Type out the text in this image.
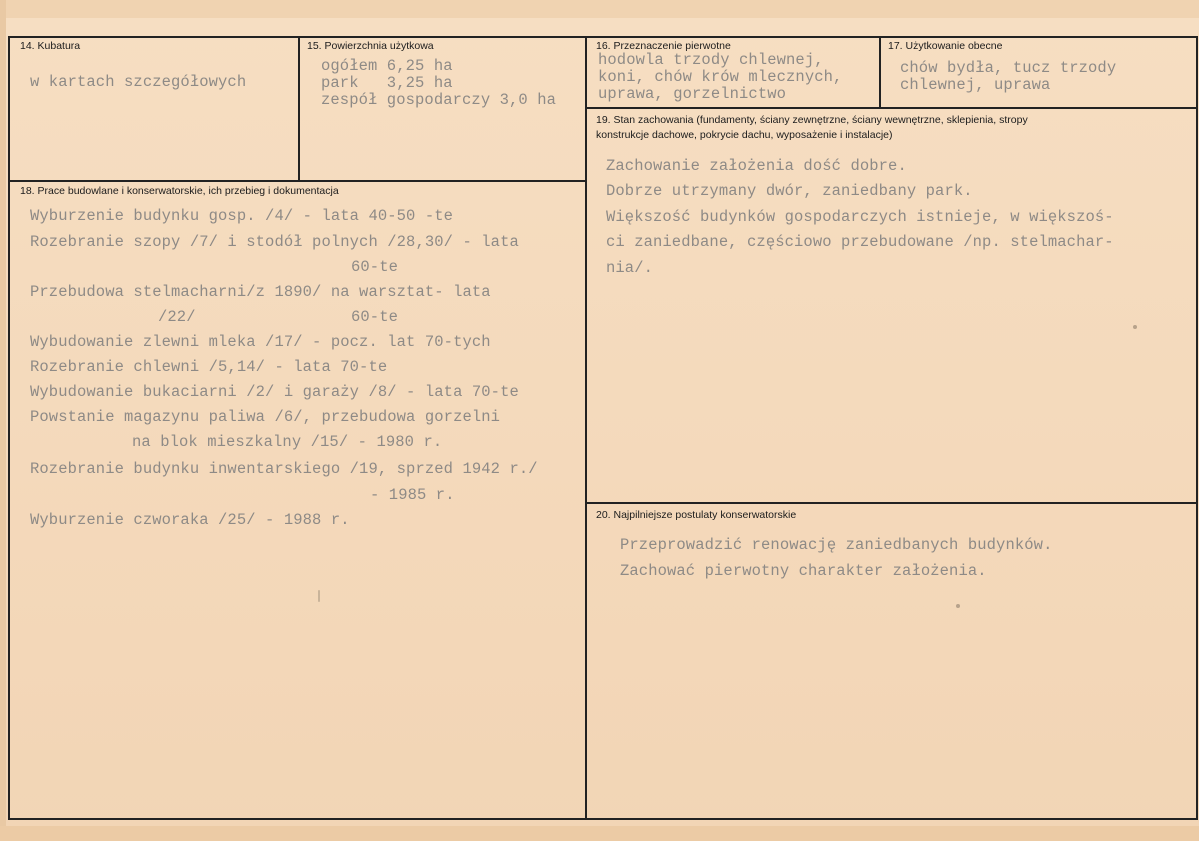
14. Kubatura
w kartach szczegółowych
15. Powierzchnia użytkowa
ogółem 6,25 ha
park   3,25 ha
zespół gospodarczy 3,0 ha
16. Przeznaczenie pierwotne
hodowla trzody chlewnej,
koni, chów krów mlecznych,
uprawa, gorzelnictwo
17. Użytkowanie obecne
chów bydła, tucz trzody
chlewnej, uprawa
18. Prace budowlane i konserwatorskie, ich przebieg i dokumentacja
Wyburzenie budynku gosp. /4/ - lata 40-50 -te
Rozebranie szopy /7/ i stodół polnych /28,30/ - lata
60-te
Przebudowa stelmacharni/z 1890/ na warsztat- lata
/22/	60-te
Wybudowanie zlewni mleka /17/ - pocz. lat 70-tych
Rozebranie chlewni /5,14/ - lata 70-te
Wybudowanie bukaciarni /2/ i garaży /8/ - lata 70-te
Powstanie magazynu paliwa /6/, przebudowa gorzelni
na blok mieszkalny /15/ - 1980 r.
Rozebranie budynku inwentarskiego /19, sprzed 1942 r./
- 1985 r.
Wyburzenie czworaka /25/ - 1988 r.
19. Stan zachowania (fundamenty, ściany zewnętrzne, ściany wewnętrzne, sklepienia, stropy
konstrukcje dachowe, pokrycie dachu, wyposażenie i instalacje)
Zachowanie założenia dość dobre.
Dobrze utrzymany dwór, zaniedbany park.
Większość budynków gospodarczych istnieje, w większoś-
ci zaniedbane, częściowo przebudowane /np. stelmachar-
nia/.
20. Najpilniejsze postulaty konserwatorskie
Przeprowadzić renowację zaniedbanych budynków.
Zachować pierwotny charakter założenia.
